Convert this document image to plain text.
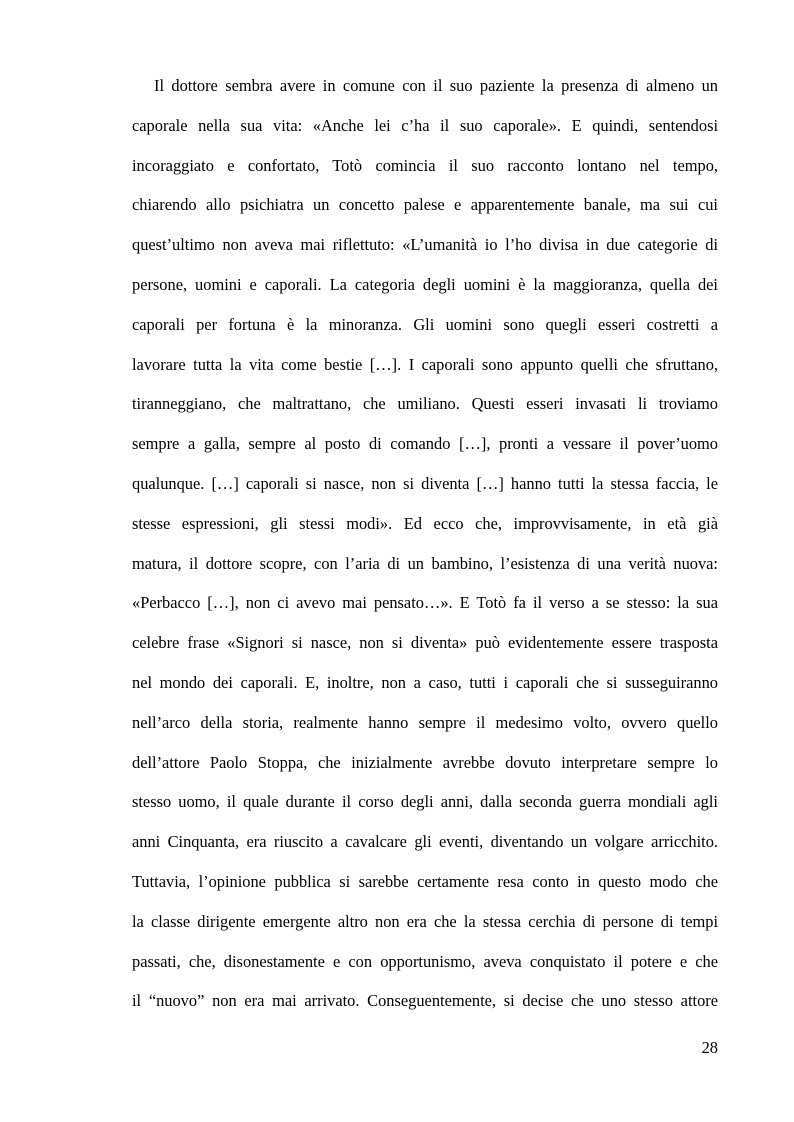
Il dottore sembra avere in comune con il suo paziente la presenza di almeno un
caporale nella sua vita: «Anche lei c’ha il suo caporale». E quindi, sentendosi
incoraggiato e confortato, Totò comincia il suo racconto lontano nel tempo,
chiarendo allo psichiatra un concetto palese e apparentemente banale, ma sui cui
quest’ultimo non aveva mai riflettuto: «L’umanità io l’ho divisa in due categorie di
persone, uomini e caporali. La categoria degli uomini è la maggioranza, quella dei
caporali per fortuna è la minoranza. Gli uomini sono quegli esseri costretti a
lavorare tutta la vita come bestie […]. I caporali sono appunto quelli che sfruttano,
tiranneggiano, che maltrattano, che umiliano. Questi esseri invasati li troviamo
sempre a galla, sempre al posto di comando […], pronti a vessare il pover’uomo
qualunque. […] caporali si nasce, non si diventa […] hanno tutti la stessa faccia, le
stesse espressioni, gli stessi modi». Ed ecco che, improvvisamente, in età già
matura, il dottore scopre, con l’aria di un bambino, l’esistenza di una verità nuova:
«Perbacco […], non ci avevo mai pensato…». E Totò fa il verso a se stesso: la sua
celebre frase «Signori si nasce, non si diventa» può evidentemente essere trasposta
nel mondo dei caporali. E, inoltre, non a caso, tutti i caporali che si susseguiranno
nell’arco della storia, realmente hanno sempre il medesimo volto, ovvero quello
dell’attore Paolo Stoppa, che inizialmente avrebbe dovuto interpretare sempre lo
stesso uomo, il quale durante il corso degli anni, dalla seconda guerra mondiali agli
anni Cinquanta, era riuscito a cavalcare gli eventi, diventando un volgare arricchito.
Tuttavia, l’opinione pubblica si sarebbe certamente resa conto in questo modo che
la classe dirigente emergente altro non era che la stessa cerchia di persone di tempi
passati, che, disonestamente e con opportunismo, aveva conquistato il potere e che
il “nuovo” non era mai arrivato. Conseguentemente, si decise che uno stesso attore
28
